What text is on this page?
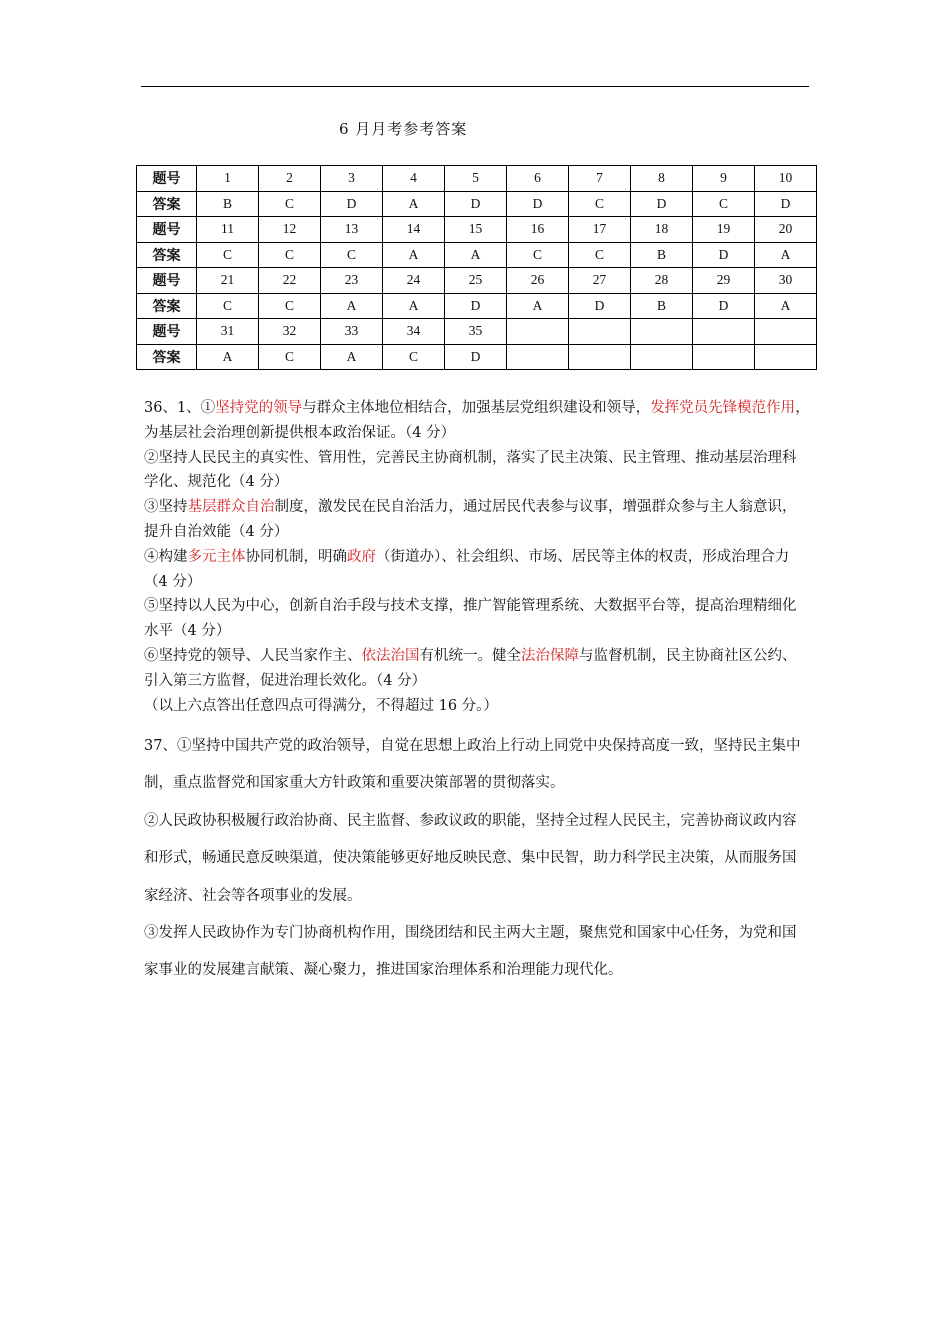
6 月月考参考答案
题号	1	2	3	4	5	6	7	8	9	10
答案	B	C	D	A	D	D	C	D	C	D
题号	11	12	13	14	15	16	17	18	19	20
答案	C	C	C	A	A	C	C	B	D	A
题号	21	22	23	24	25	26	27	28	29	30
答案	C	C	A	A	D	A	D	B	D	A
题号	31	32	33	34	35					
答案	A	C	A	C	D					

36、1、①坚持党的领导与群众主体地位相结合，加强基层党组织建设和领导，发挥党员先锋模范作用，为基层社会治理创新提供根本政治保证。（4 分）

②坚持人民民主的真实性、管用性，完善民主协商机制，落实了民主决策、民主管理、推动基层治理科学化、规范化（4 分）

③坚持基层群众自治制度，激发民在民自治活力，通过居民代表参与议事，增强群众参与主人翁意识，提升自治效能（4 分）

④构建多元主体协同机制，明确政府（街道办）、社会组织、市场、居民等主体的权责，形成治理合力（4 分）

⑤坚持以人民为中心，创新自治手段与技术支撑，推广智能管理系统、大数据平台等，提高治理精细化水平（4 分）

⑥坚持党的领导、人民当家作主、依法治国有机统一。健全法治保障与监督机制，民主协商社区公约、引入第三方监督，促进治理长效化。（4 分）

（以上六点答出任意四点可得满分，不得超过 16 分。）

37、①坚持中国共产党的政治领导，自觉在思想上政治上行动上同党中央保持高度一致，坚持民主集中制，重点监督党和国家重大方针政策和重要决策部署的贯彻落实。

②人民政协积极履行政治协商、民主监督、参政议政的职能，坚持全过程人民民主，完善协商议政内容和形式，畅通民意反映渠道，使决策能够更好地反映民意、集中民智，助力科学民主决策，从而服务国家经济、社会等各项事业的发展。

③发挥人民政协作为专门协商机构作用，围绕团结和民主两大主题，聚焦党和国家中心任务，为党和国家事业的发展建言献策、凝心聚力，推进国家治理体系和治理能力现代化。
